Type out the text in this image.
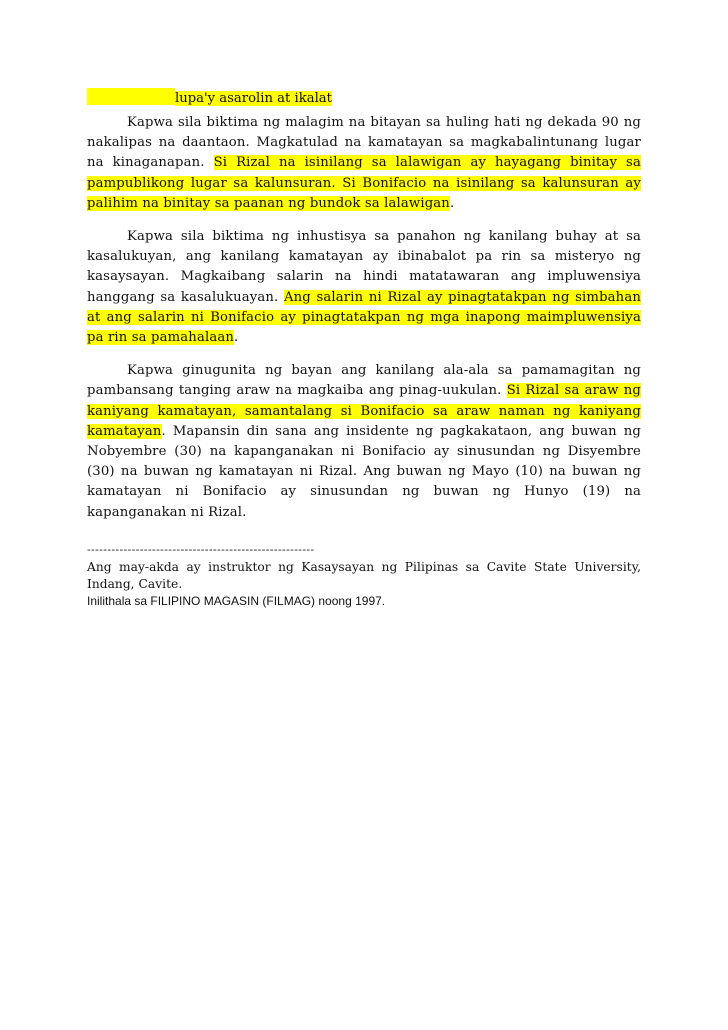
lupa'y asarolin at ikalat

Kapwa sila biktima ng malagim na bitayan sa huling hati ng dekada 90 ng nakalipas na daantaon. Magkatulad na kamatayan sa magkabalintunang lugar na kinaganapan. Si Rizal na isinilang sa lalawigan ay hayagang binitay sa pampublikong lugar sa kalunsuran. Si Bonifacio na isinilang sa kalunsuran ay palihim na binitay sa paanan ng bundok sa lalawigan.

Kapwa sila biktima ng inhustisya sa panahon ng kanilang buhay at sa kasalukuyan, ang kanilang kamatayan ay ibinabalot pa rin sa misteryo ng kasaysayan. Magkaibang salarin na hindi matatawaran ang impluwensiya hanggang sa kasalukuayan. Ang salarin ni Rizal ay pinagtatakpan ng simbahan at ang salarin ni Bonifacio ay pinagtatakpan ng mga inapong maimpluwensiya pa rin sa pamahalaan.

Kapwa ginugunita ng bayan ang kanilang ala-ala sa pamamagitan ng pambansang tanging araw na magkaiba ang pinag-uukulan. Si Rizal sa araw ng kaniyang kamatayan, samantalang si Bonifacio sa araw naman ng kaniyang kamatayan. Mapansin din sana ang insidente ng pagkakataon, ang buwan ng Nobyembre (30) na kapanganakan ni Bonifacio ay sinusundan ng Disyembre (30) na buwan ng kamatayan ni Rizal. Ang buwan ng Mayo (10) na buwan ng kamatayan ni Bonifacio ay sinusundan ng buwan ng Hunyo (19) na kapanganakan ni Rizal.

--------------------------------------------------------

Ang may-akda ay instruktor ng Kasaysayan ng Pilipinas sa Cavite State University, Indang, Cavite.

Inilithala sa FILIPINO MAGASIN (FILMAG) noong 1997.
